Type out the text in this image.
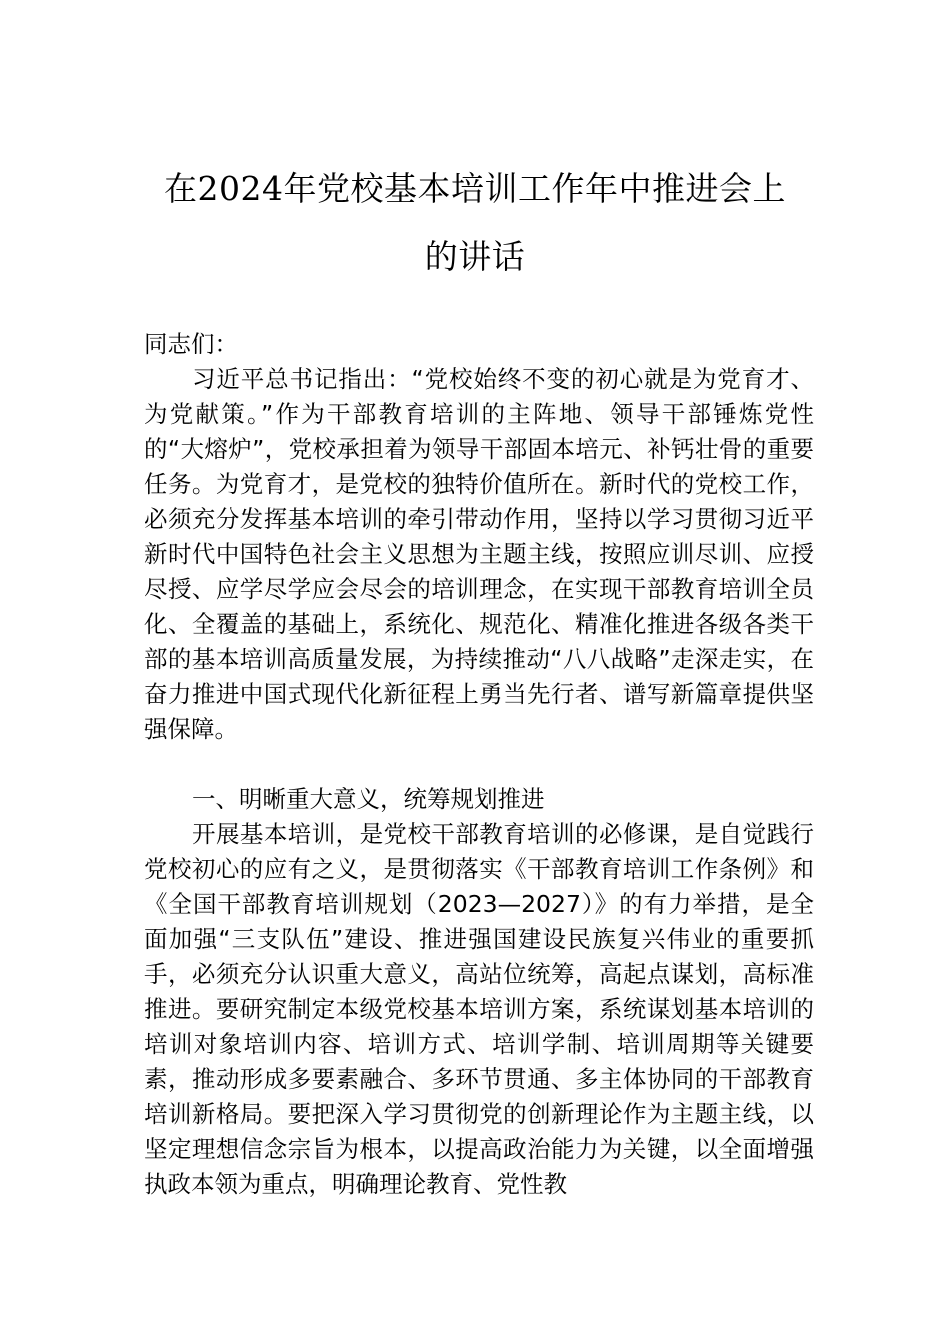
在2024年党校基本培训工作年中推进会上
的讲话
同志们：
习近平总书记指出：“党校始终不变的初心就是为党育才、为党献策。”作为干部教育培训的主阵地、领导干部锤炼党性的“大熔炉”，党校承担着为领导干部固本培元、补钙壮骨的重要任务。为党育才，是党校的独特价值所在。新时代的党校工作，必须充分发挥基本培训的牵引带动作用，坚持以学习贯彻习近平新时代中国特色社会主义思想为主题主线，按照应训尽训、应授尽授、应学尽学应会尽会的培训理念，在实现干部教育培训全员化、全覆盖的基础上，系统化、规范化、精准化推进各级各类干部的基本培训高质量发展，为持续推动“八八战略”走深走实，在奋力推进中国式现代化新征程上勇当先行者、谱写新篇章提供坚强保障。
一、明晰重大意义，统筹规划推进
开展基本培训，是党校干部教育培训的必修课，是自觉践行党校初心的应有之义，是贯彻落实《干部教育培训工作条例》和《全国干部教育培训规划（2023—2027）》的有力举措，是全面加强“三支队伍”建设、推进强国建设民族复兴伟业的重要抓手，必须充分认识重大意义，高站位统筹，高起点谋划，高标准推进。要研究制定本级党校基本培训方案，系统谋划基本培训的培训对象培训内容、培训方式、培训学制、培训周期等关键要素，推动形成多要素融合、多环节贯通、多主体协同的干部教育培训新格局。要把深入学习贯彻党的创新理论作为主题主线，以坚定理想信念宗旨为根本，以提高政治能力为关键，以全面增强执政本领为重点，明确理论教育、党性教
